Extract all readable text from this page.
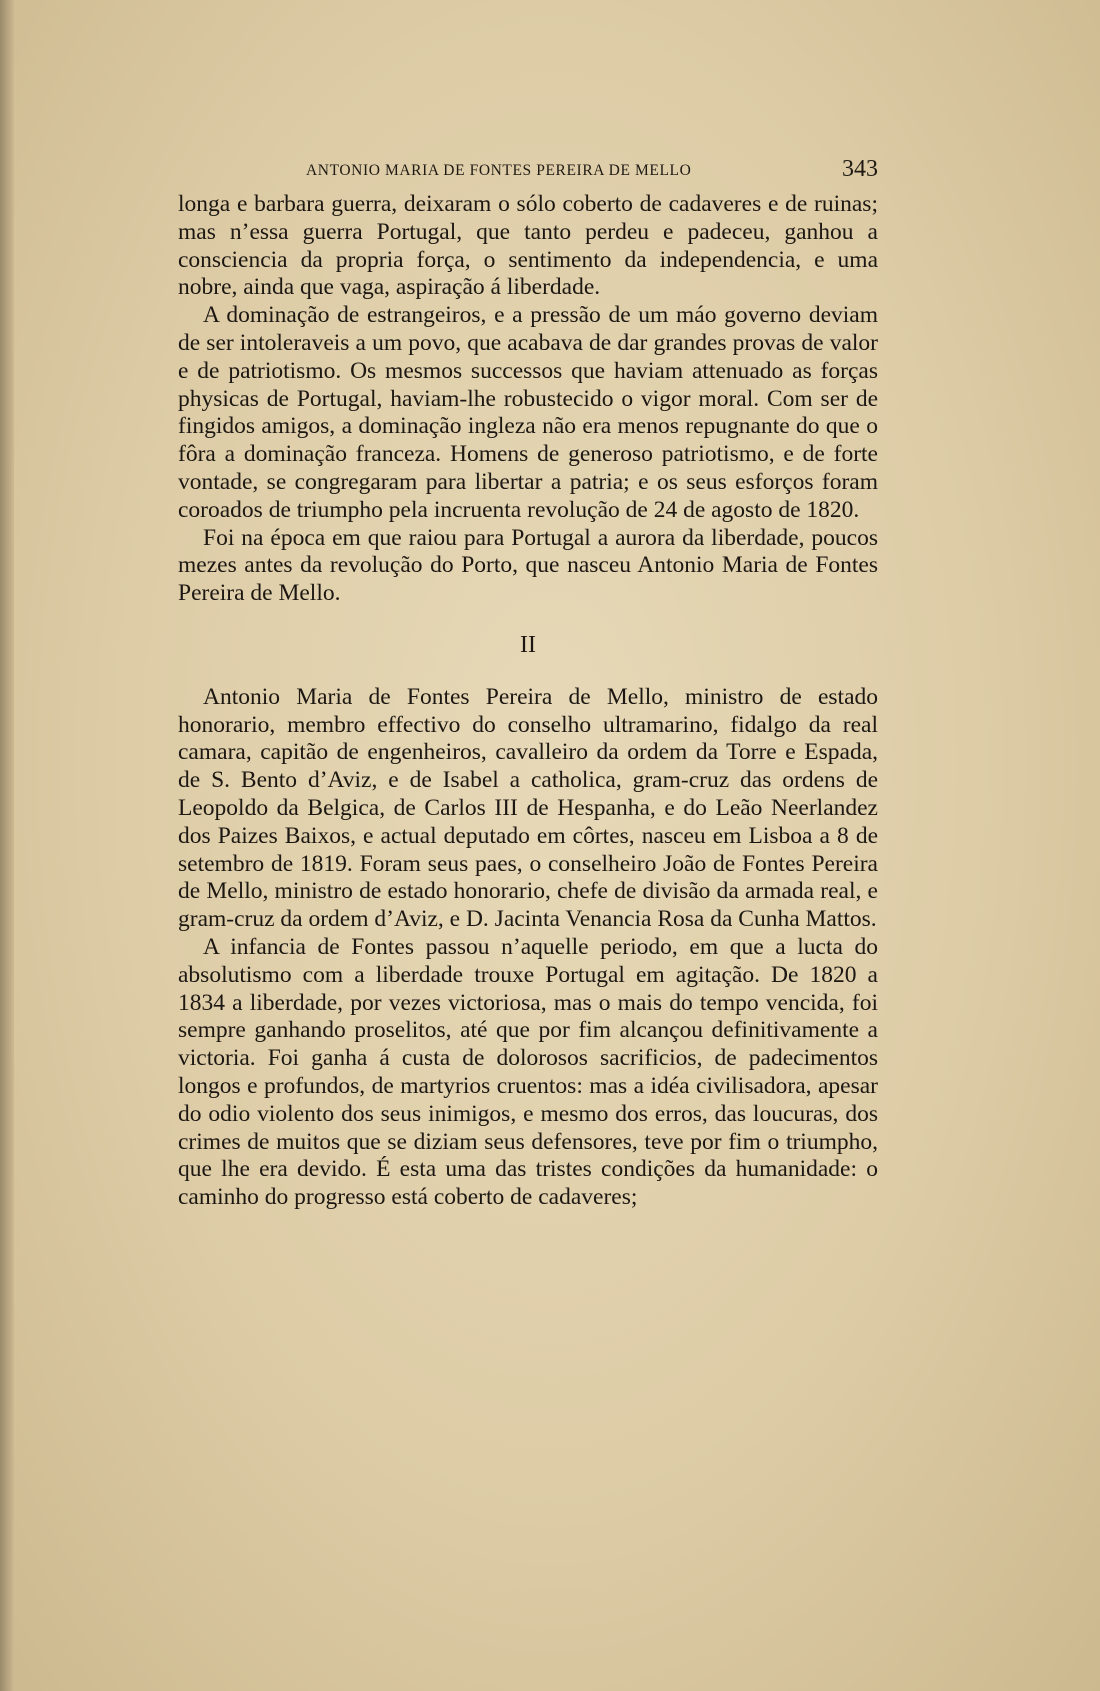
ANTONIO MARIA DE FONTES PEREIRA DE MELLO	343

longa e barbara guerra, deixaram o sólo coberto de cadaveres e de ruinas; mas n’essa guerra Portugal, que tanto perdeu e padeceu, ganhou a consciencia da propria força, o sentimento da independencia, e uma nobre, ainda que vaga, aspiração á liberdade.

A dominação de estrangeiros, e a pressão de um máo governo deviam de ser intoleraveis a um povo, que acabava de dar grandes provas de valor e de patriotismo. Os mesmos successos que haviam attenuado as forças physicas de Portugal, haviam-lhe robustecido o vigor moral. Com ser de fingidos amigos, a dominação ingleza não era menos repugnante do que o fôra a dominação franceza. Homens de generoso patriotismo, e de forte vontade, se congregaram para libertar a patria; e os seus esforços foram coroados de triumpho pela incruenta revolução de 24 de agosto de 1820.

Foi na época em que raiou para Portugal a aurora da liberdade, poucos mezes antes da revolução do Porto, que nasceu Antonio Maria de Fontes Pereira de Mello.

II

Antonio Maria de Fontes Pereira de Mello, ministro de estado honorario, membro effectivo do conselho ultramarino, fidalgo da real camara, capitão de engenheiros, cavalleiro da ordem da Torre e Espada, de S. Bento d’Aviz, e de Isabel a catholica, gram-cruz das ordens de Leopoldo da Belgica, de Carlos III de Hespanha, e do Leão Neerlandez dos Paizes Baixos, e actual deputado em côrtes, nasceu em Lisboa a 8 de setembro de 1819. Foram seus paes, o conselheiro João de Fontes Pereira de Mello, ministro de estado honorario, chefe de divisão da armada real, e gram-cruz da ordem d’Aviz, e D. Jacinta Venancia Rosa da Cunha Mattos.

A infancia de Fontes passou n’aquelle periodo, em que a lucta do absolutismo com a liberdade trouxe Portugal em agitação. De 1820 a 1834 a liberdade, por vezes victoriosa, mas o mais do tempo vencida, foi sempre ganhando proselitos, até que por fim alcançou definitivamente a victoria. Foi ganha á custa de dolorosos sacrificios, de padecimentos longos e profundos, de martyrios cruentos: mas a idéa civilisadora, apesar do odio violento dos seus inimigos, e mesmo dos erros, das loucuras, dos crimes de muitos que se diziam seus defensores, teve por fim o triumpho, que lhe era devido. É esta uma das tristes condições da humanidade: o caminho do progresso está coberto de cadaveres;
